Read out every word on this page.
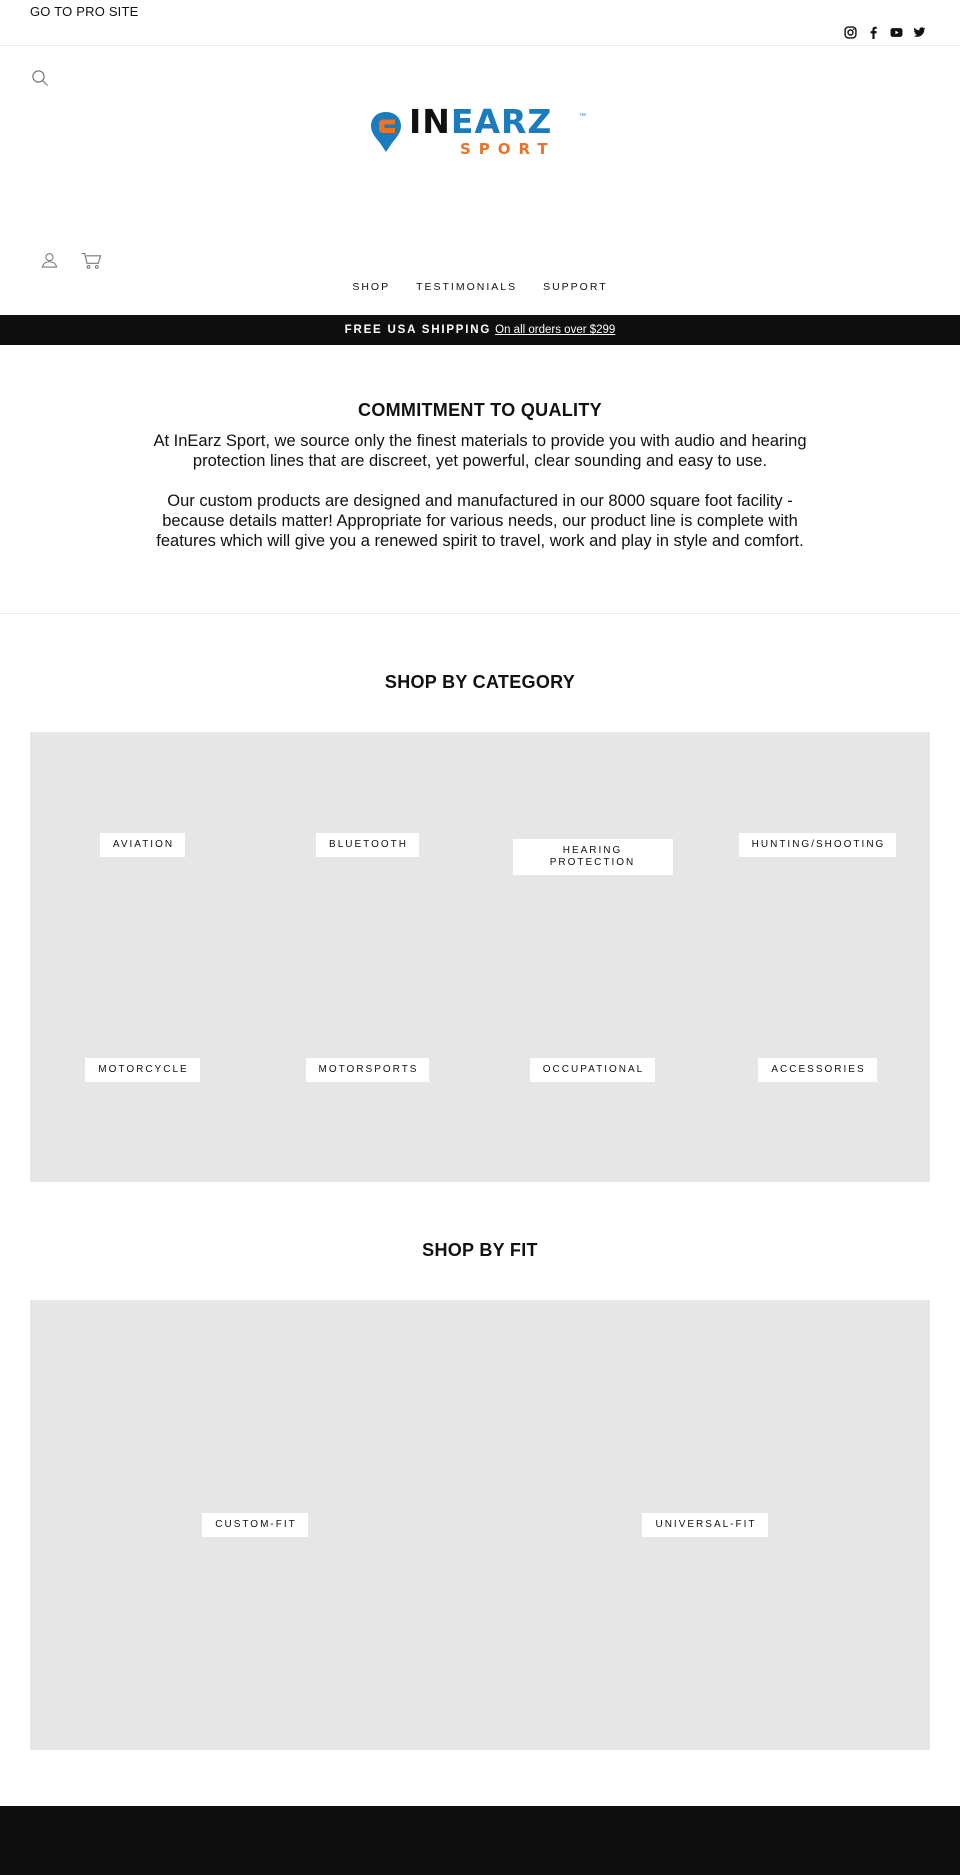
GO TO PRO SITE
INEARZ	™
SPORT
SHOP TESTIMONIALS SUPPORT
FREE USA SHIPPING On all orders over $299
COMMITMENT TO QUALITY

At InEarz Sport, we source only the finest materials to provide you with audio and hearing protection lines that are discreet, yet powerful, clear sounding and easy to use.

Our custom products are designed and manufactured in our 8000 square foot facility - because details matter! Appropriate for various needs, our product line is complete with features which will give you a renewed spirit to travel, work and play in style and comfort.

SHOP BY CATEGORY
AVIATION	BLUETOOTH
HEARING PROTECTION
HUNTING/SHOOTING
MOTORCYCLE	MOTORSPORTS	OCCUPATIONAL	ACCESSORIES
SHOP BY FIT
CUSTOM-FIT	UNIVERSAL-FIT
